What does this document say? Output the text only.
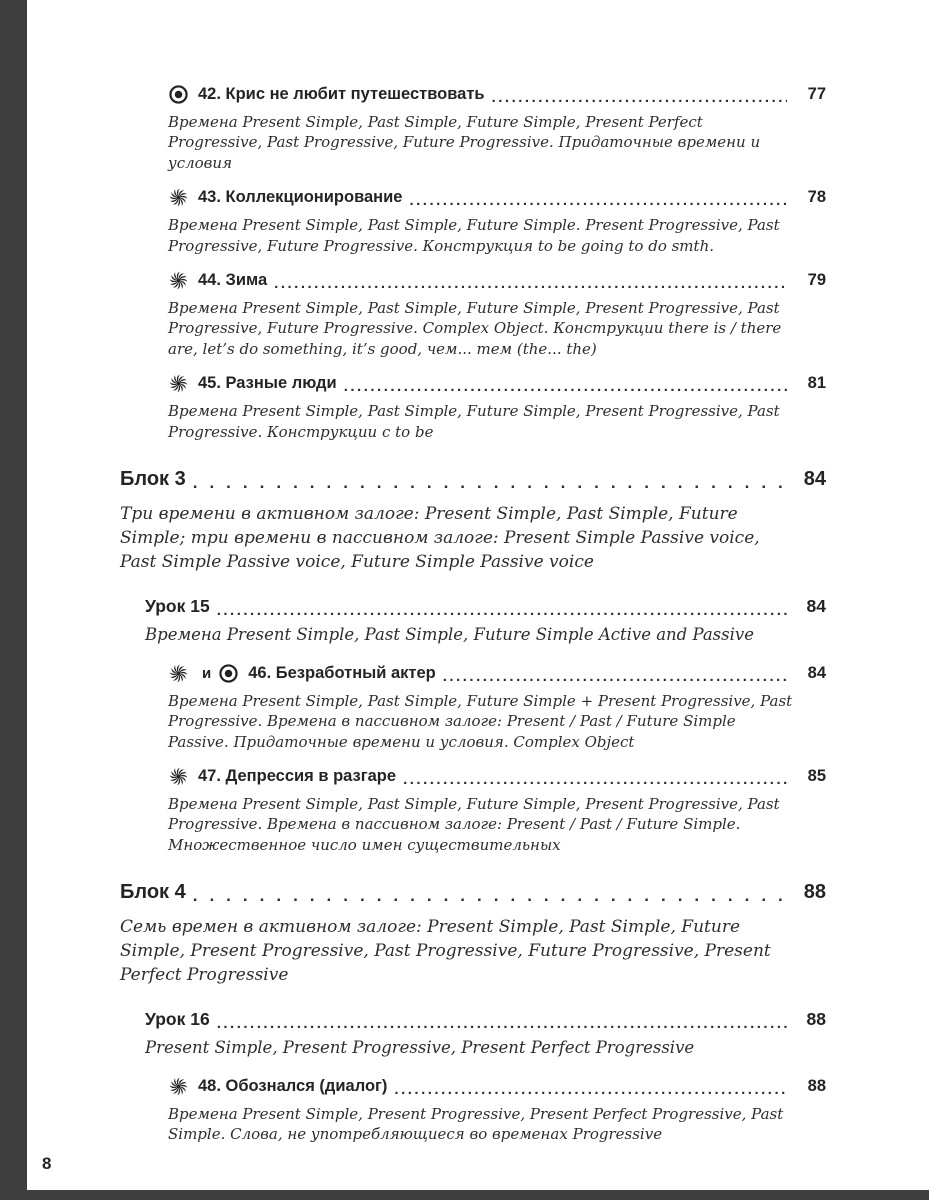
42. Крис не любит путешествовать .....	77

Времена Present Simple, Past Simple, Future Simple, Present Perfect Progressive, Past Progressive, Future Progressive. Придаточные времени и условия

43. Коллекционирование .....	78

Времена Present Simple, Past Simple, Future Simple. Present Progressive, Past Progressive, Future Progressive. Конструкция to be going to do smth.

44. Зима .....	79

Времена Present Simple, Past Simple, Future Simple, Present Progressive, Past Progressive, Future Progressive. Complex Object. Конструкции there is / there are, let’s do something, it’s good, чем... тем (the... the)

45. Разные люди .....	81

Времена Present Simple, Past Simple, Future Simple, Present Progressive, Past Progressive. Конструкции с to be

Блок 3 .....	84

Три времени в активном залоге: Present Simple, Past Simple, Future Simple; три времени в пассивном залоге: Present Simple Passive voice, Past Simple Passive voice, Future Simple Passive voice

Урок 15 .....	84

Времена Present Simple, Past Simple, Future Simple Active and Passive

и 46. Безработный актер .....	84

Времена Present Simple, Past Simple, Future Simple + Present Progressive, Past Progressive. Времена в пассивном залоге: Present / Past / Future Simple Passive. Придаточные времени и условия. Complex Object

47. Депрессия в разгаре .....	85

Времена Present Simple, Past Simple, Future Simple, Present Progressive, Past Progressive. Времена в пассивном залоге: Present / Past / Future Simple. Множественное число имен существительных

Блок 4 .....	88

Семь времен в активном залоге: Present Simple, Past Simple, Future Simple, Present Progressive, Past Progressive, Future Progressive, Present Perfect Progressive

Урок 16 .....	88

Present Simple, Present Progressive, Present Perfect Progressive

48. Обознался (диалог) .....	88

Времена Present Simple, Present Progressive, Present Perfect Progressive, Past Simple. Слова, не употребляющиеся во временах Progressive

8
